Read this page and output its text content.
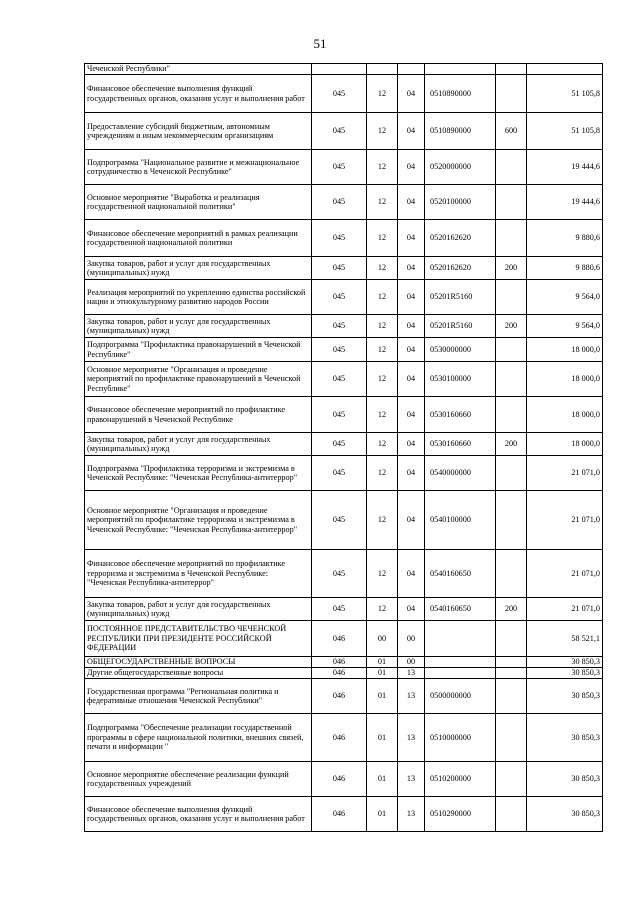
51
Чеченской Республики"						
Финансовое обеспечение выполнения функций государственных органов, оказания услуг и выполнения работ	045	12	04	0510890000		51 105,8
Предоставление субсидий бюджетным, автономным учреждениям и иным некоммерческим организациям	045	12	04	0510890000	600	51 105,8
Подпрограмма "Национальное развитие и межнациональное сотрудничество в Чеченской Республике"	045	12	04	0520000000		19 444,6
Основное мероприятие "Выработка и реализация государственной национальной политики"	045	12	04	0520100000		19 444,6
Финансовое обеспечение мероприятий в рамках реализации государственной национальной политики	045	12	04	0520162620		9 880,6
Закупка товаров, работ и услуг для государственных (муниципальных) нужд	045	12	04	0520162620	200	9 880,6
Реализация мероприятий по укреплению единства российской нации и этнокультурному развитию народов России	045	12	04	05201R5160		9 564,0
Закупка товаров, работ и услуг для государственных (муниципальных) нужд	045	12	04	05201R5160	200	9 564,0
Подпрограмма "Профилактика правонарушений в Чеченской Республике"	045	12	04	0530000000		18 000,0
Основное мероприятие "Организация и проведение мероприятий по профилактике правонарушений в Чеченской Республике"	045	12	04	0530100000		18 000,0
Финансовое обеспечение мероприятий по профилактике правонарушений в Чеченской Республике	045	12	04	0530160660		18 000,0
Закупка товаров, работ и услуг для государственных (муниципальных) нужд	045	12	04	0530160660	200	18 000,0
Подпрограмма "Профилактика терроризма и экстремизма в Чеченской Республике: "Чеченская Республика-антитеррор"	045	12	04	0540000000		21 071,0
Основное мероприятие "Организация и проведение мероприятий по профилактике терроризма и экстремизма в Чеченской Республике: "Чеченская Республика-антитеррор"	045	12	04	0540100000		21 071,0
Финансовое обеспечение мероприятий по профилактике терроризма и экстремизма в Чеченской Республике: "Чеченская Республика-антитеррор"	045	12	04	0540160650		21 071,0
Закупка товаров, работ и услуг для государственных (муниципальных) нужд	045	12	04	0540160650	200	21 071,0
ПОСТОЯННОЕ ПРЕДСТАВИТЕЛЬСТВО ЧЕЧЕНСКОЙ РЕСПУБЛИКИ ПРИ ПРЕЗИДЕНТЕ РОССИЙСКОЙ ФЕДЕРАЦИИ	046	00	00			58 521,1
ОБЩЕГОСУДАРСТВЕННЫЕ ВОПРОСЫ	046	01	00			30 850,3
Другие общегосударственные вопросы	046	01	13			30 850,3
Государственная программа "Региональная политика и федеративные отношения Чеченской Республики"	046	01	13	0500000000		30 850,3
Подпрограмма "Обеспечение реализации государственной программы в сфере национальной политики, внешних связей, печати и информации "	046	01	13	0510000000		30 850,3
Основное мероприятие обеспечение реализации функций государственных учреждений	046	01	13	0510200000		30 850,3
Финансовое обеспечение выполнения функций государственных органов, оказания услуг и выполнения работ	046	01	13	0510290000		30 850,3
